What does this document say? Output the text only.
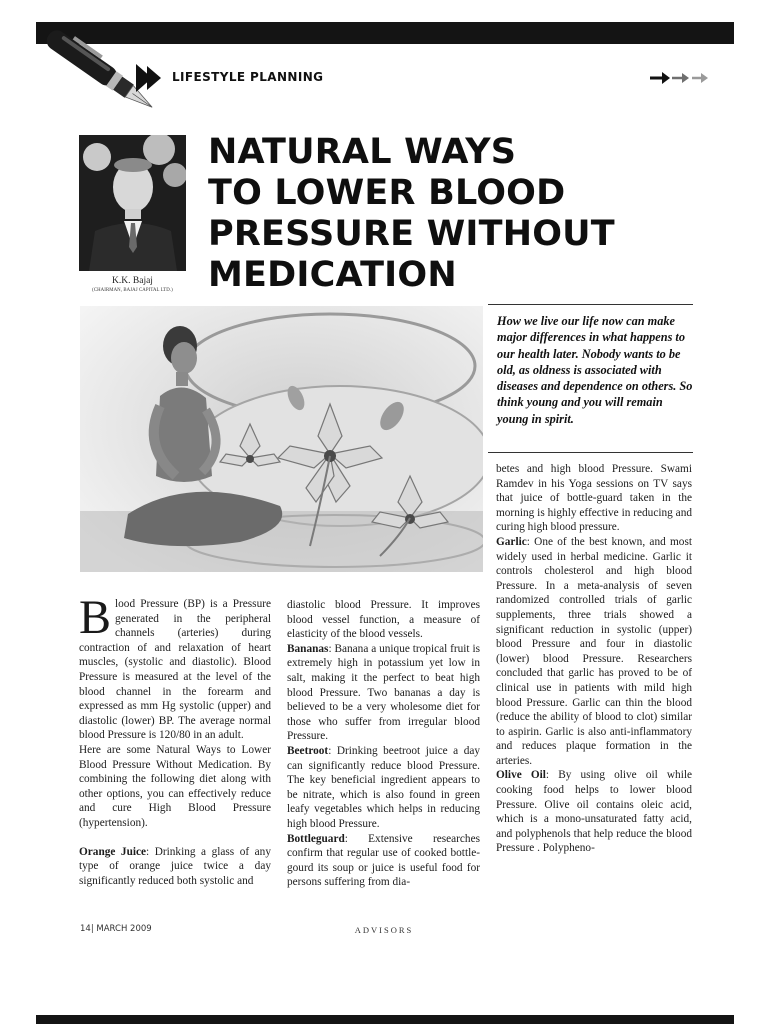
LIFESTYLE PLANNING
K.K. Bajaj
(CHAIRMAN, BAJAJ CAPITAL LTD.)
NATURAL WAYS
TO LOWER BLOOD
PRESSURE WITHOUT
MEDICATION

How we live our life now can make major differences in what happens to our health later. Nobody wants to be old, as oldness is associated with diseases and dependence on others. So think young and you will remain young in spirit.

Blood Pressure (BP) is a Pressure generated in the peripheral channels (arteries) during contraction of and relaxation of heart muscles, (systolic and diastolic). Blood Pressure is measured at the level of the blood channel in the forearm and expressed as mm Hg systolic (upper) and diastolic (lower) BP. The average normal blood Pressure is 120/80 in an adult.

Here are some Natural Ways to Lower Blood Pressure Without Medication. By combining the following diet along with other options, you can effectively reduce and cure High Blood Pressure (hypertension).

Orange Juice: Drinking a glass of any type of orange juice twice a day significantly reduced both systolic and

diastolic blood Pressure. It improves blood vessel function, a measure of elasticity of the blood vessels.

Bananas: Banana a unique tropical fruit is extremely high in potassium yet low in salt, making it the perfect to beat high blood Pressure. Two bananas a day is believed to be a very wholesome diet for those who suffer from irregular blood Pressure.

Beetroot: Drinking beetroot juice a day can significantly reduce blood Pressure. The key beneficial ingredient appears to be nitrate, which is also found in green leafy vegetables which helps in reducing high blood Pressure.

Bottleguard: Extensive researches confirm that regular use of cooked bottle-gourd its soup or juice is useful food for persons suffering from dia-

betes and high blood Pressure. Swami Ramdev in his Yoga sessions on TV says that juice of bottle-guard taken in the morning is highly effective in reducing and curing high blood pressure.

Garlic: One of the best known, and most widely used in herbal medicine. Garlic it controls cholesterol and high blood Pressure. In a meta-analysis of seven randomized controlled trials of garlic supplements, three trials showed a significant reduction in systolic (upper) blood Pressure and four in diastolic (lower) blood Pressure. Researchers concluded that garlic has proved to be of clinical use in patients with mild high blood Pressure. Garlic can thin the blood (reduce the ability of blood to clot) similar to aspirin. Garlic is also anti-inflammatory and reduces plaque formation in the arteries.

Olive Oil: By using olive oil while cooking food helps to lower blood Pressure. Olive oil contains oleic acid, which is a mono-unsaturated fatty acid, and polyphenols that help reduce the blood Pressure . Polypheno-

14| MARCH 2009	ADVISORS
